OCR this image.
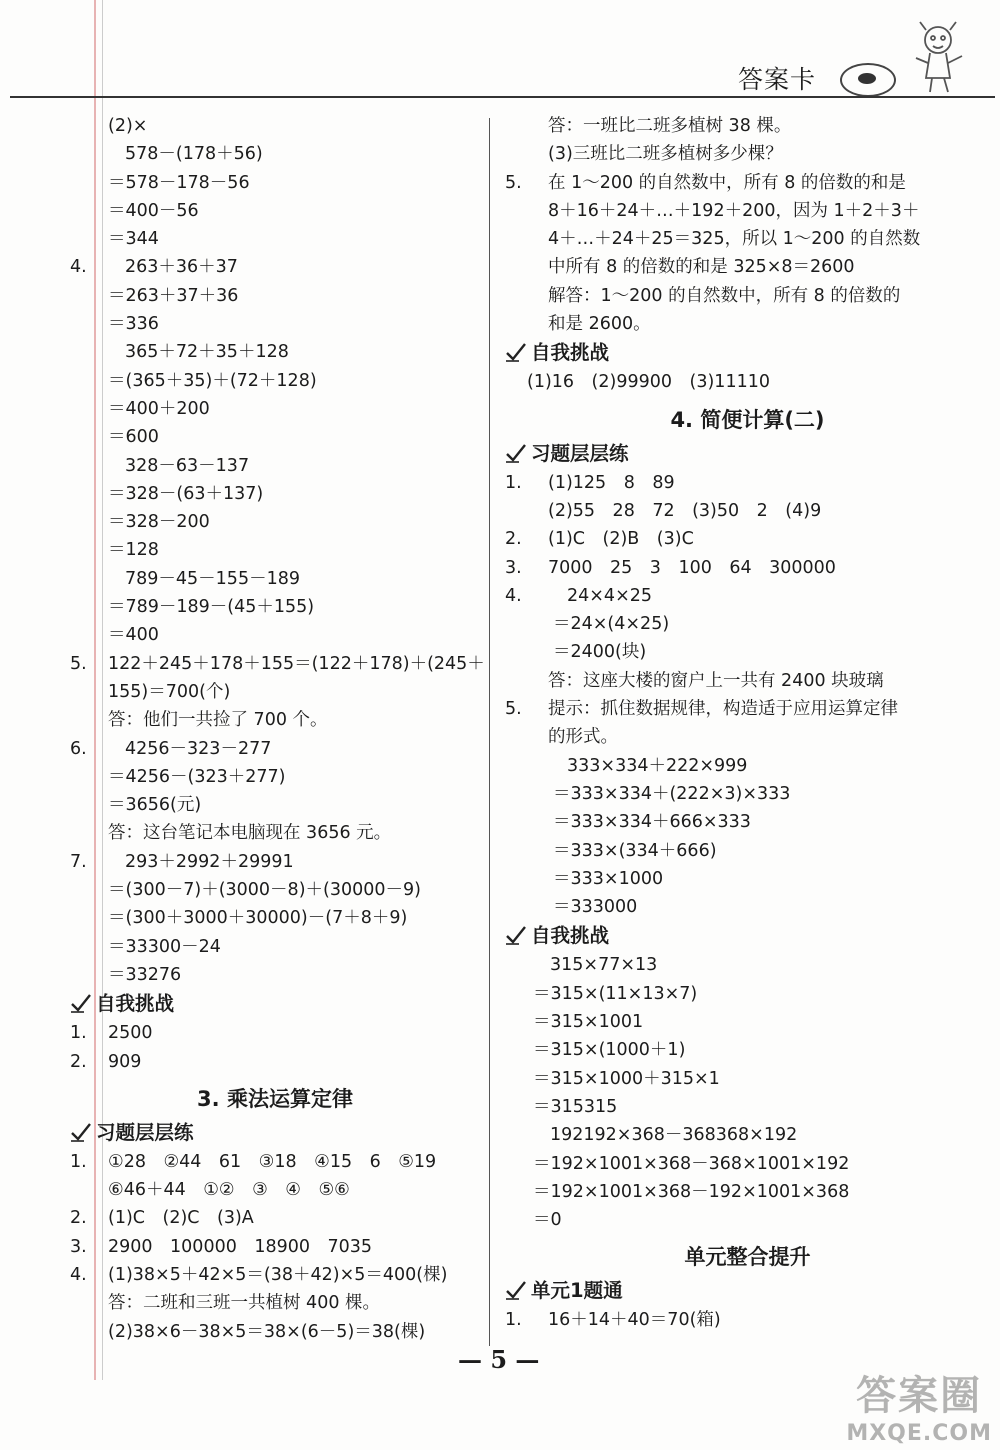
答案卡

(2)×
578－(178＋56)
＝578－178－56
＝400－56
＝344
4. 263＋36＋37
＝263＋37＋36
＝336
365＋72＋35＋128
＝(365＋35)＋(72＋128)
＝400＋200
＝600
328－63－137
＝328－(63＋137)
＝328－200
＝128
789－45－155－189
＝789－189－(45＋155)
＝400
5. 122＋245＋178＋155＝(122＋178)＋(245＋
155)＝700(个)
答：他们一共捡了 700 个。
6. 4256－323－277
＝4256－(323＋277)
＝3656(元)
答：这台笔记本电脑现在 3656 元。
7. 293＋2992＋29991
＝(300－7)＋(3000－8)＋(30000－9)
＝(300＋3000＋30000)－(7＋8＋9)
＝33300－24
＝33276
自我挑战
1. 2500
2. 909
3. 乘法运算定律
习题层层练
1. ①28　②44　61　③18　④15　6　⑤19
⑥46＋44　①②　③　④　⑤⑥
2. (1)C　(2)C　(3)A
3. 2900　100000　18900　7035
4. (1)38×5＋42×5＝(38＋42)×5＝400(棵)
答：二班和三班一共植树 400 棵。
(2)38×6－38×5＝38×(6－5)＝38(棵)
答：一班比二班多植树 38 棵。
(3)三班比二班多植树多少棵？
5. 在 1～200 的自然数中，所有 8 的倍数的和是
8＋16＋24＋…＋192＋200，因为 1＋2＋3＋
4＋…＋24＋25＝325，所以 1～200 的自然数
中所有 8 的倍数的和是 325×8＝2600
解答：1～200 的自然数中，所有 8 的倍数的
和是 2600。
自我挑战
(1)16　(2)99900　(3)11110
4. 简便计算(二)
习题层层练
1. (1)125　8　89
(2)55　28　72　(3)50　2　(4)9
2. (1)C　(2)B　(3)C
3. 7000　25　3　100　64　300000
4.	24×4×25
＝24×(4×25)
＝2400(块)
答：这座大楼的窗户上一共有 2400 块玻璃
5. 提示：抓住数据规律，构造适于应用运算定律
的形式。
333×334＋222×999
＝333×334＋(222×3)×333
＝333×334＋666×333
＝333×(334＋666)
＝333×1000
＝333000
自我挑战
315×77×13
＝315×(11×13×7)
＝315×1001
＝315×(1000＋1)
＝315×1000＋315×1
＝315315
192192×368－368368×192
＝192×1001×368－368×1001×192
＝192×1001×368－192×1001×368
＝0
单元整合提升
单元1题通
1. 16＋14＋40＝70(箱)
— 5 —
答案圈
MXQE.COM
